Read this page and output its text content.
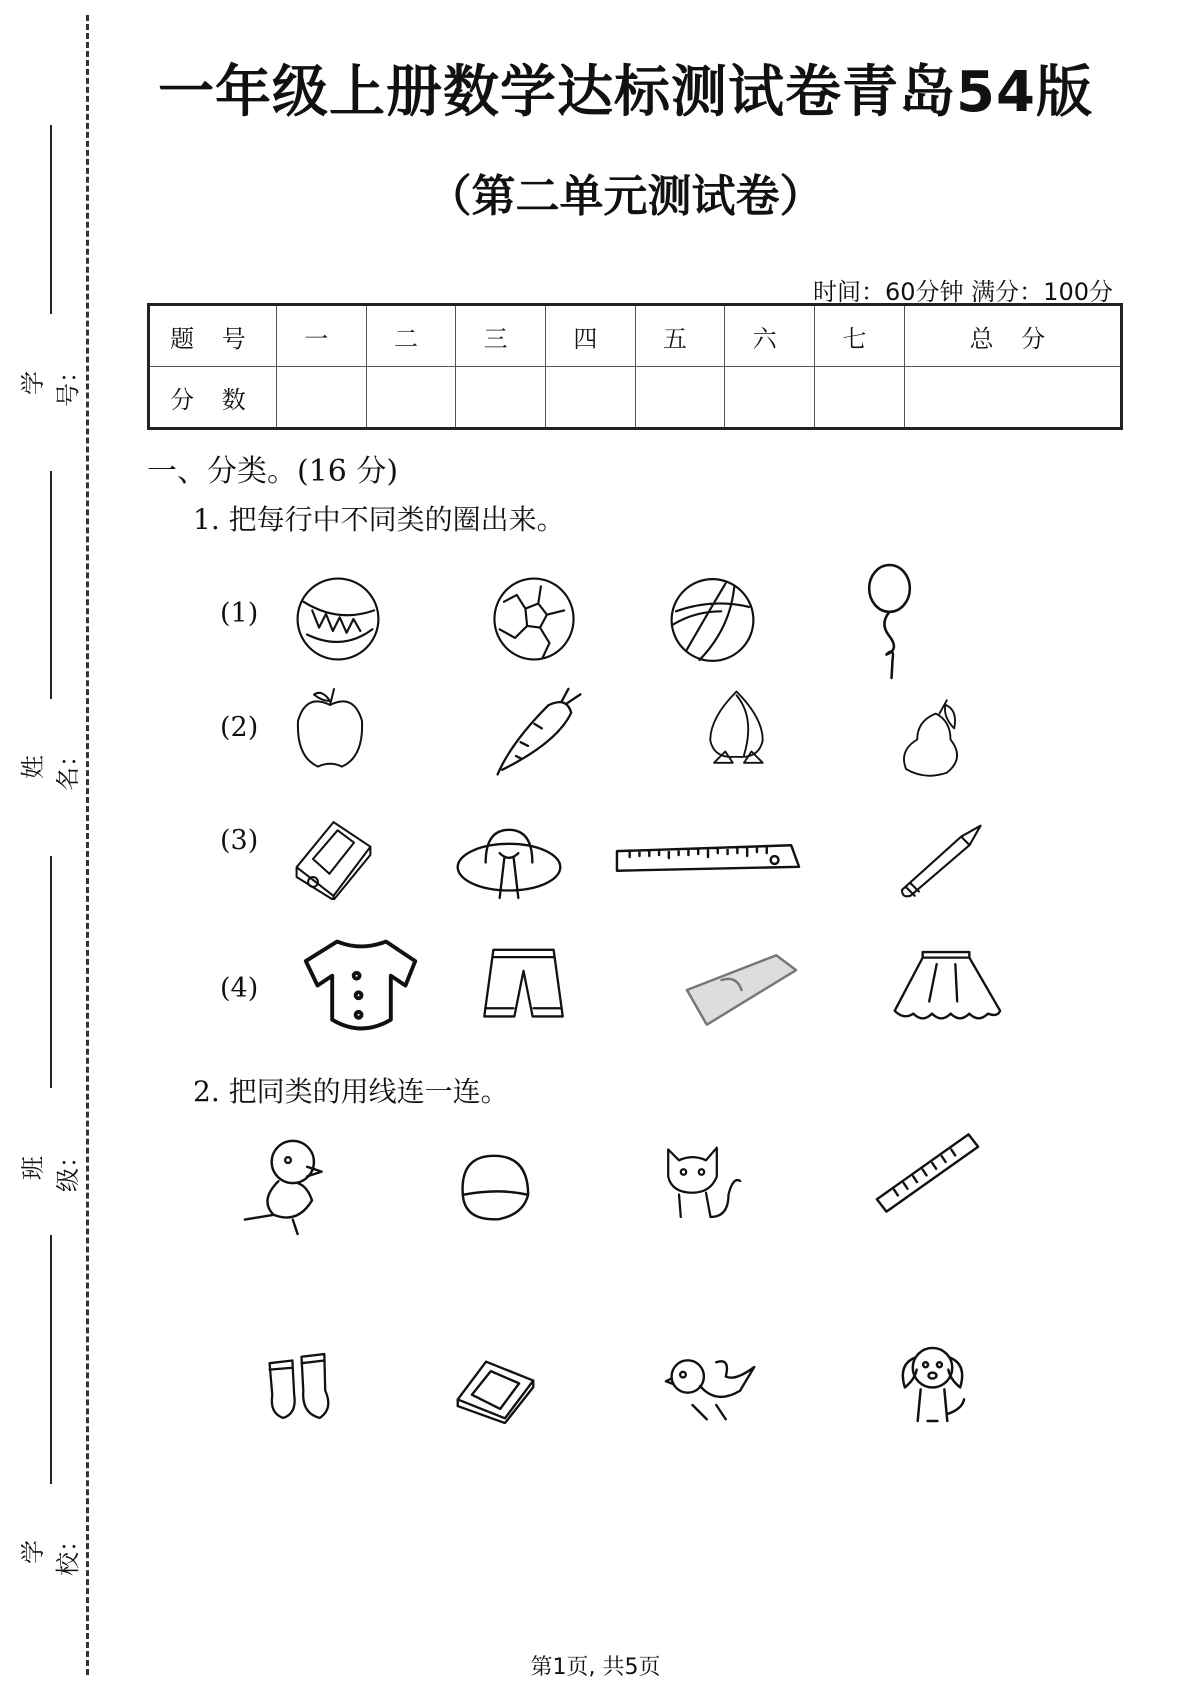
学号：
姓名：
班级：
学校：
一年级上册数学达标测试卷青岛54版
（第二单元测试卷）
时间：60分钟 满分：100分
题 号	一	二	三	四	五	六	七	总 分
分 数								
一、分类。(16 分)
1. 把每行中不同类的圈出来。
(1)
(2)
(3)
(4)
2. 把同类的用线连一连。
第1页, 共5页
